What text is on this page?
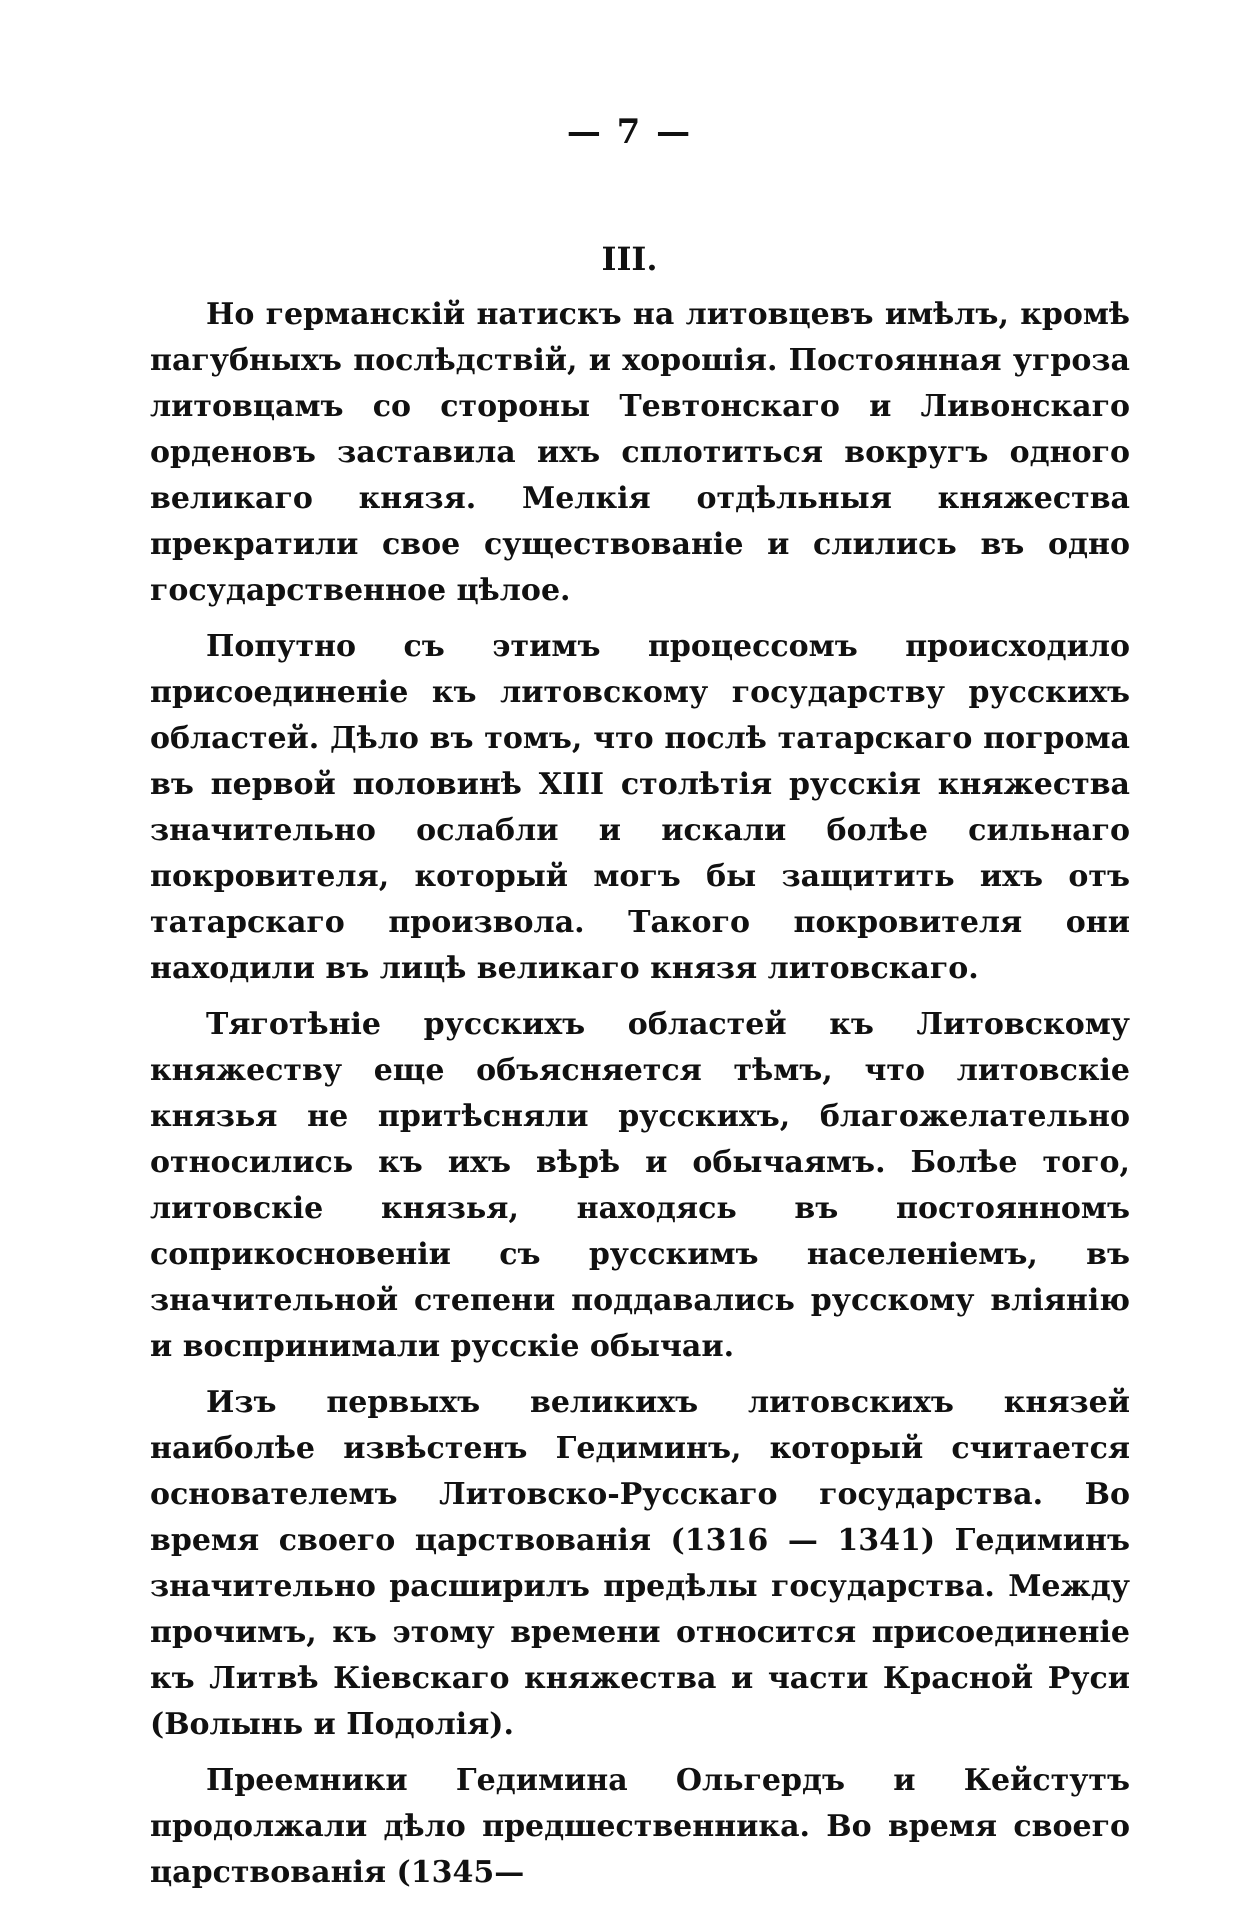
— 7 —
III.

Но германскій натискъ на литовцевъ имѣлъ, кромѣ пагубныхъ послѣдствій, и хорошія. Постоянная угроза литовцамъ со стороны Тевтонскаго и Ливонскаго орденовъ заставила ихъ сплотиться вокругъ одного великаго князя. Мелкія отдѣльныя княжества прекратили свое существованіе и слились въ одно государственное цѣлое.

Попутно съ этимъ процессомъ происходило присоединеніе къ литовскому государству русскихъ областей. Дѣло въ томъ, что послѣ татарскаго погрома въ первой половинѣ XIII столѣтія русскія княжества значительно ослабли и искали болѣе сильнаго покровителя, который могъ бы защитить ихъ отъ татарскаго произвола. Такого покровителя они находили въ лицѣ великаго князя литовскаго.

Тяготѣніе русскихъ областей къ Литовскому княжеству еще объясняется тѣмъ, что литовскіе князья не притѣсняли русскихъ, благожелательно относились къ ихъ вѣрѣ и обычаямъ. Болѣе того, литовскіе князья, находясь въ постоянномъ соприкосновеніи съ русскимъ населеніемъ, въ значительной степени поддавались русскому вліянію и воспринимали русскіе обычаи.

Изъ первыхъ великихъ литовскихъ князей наиболѣе извѣстенъ Гедиминъ, который считается основателемъ Литовско-Русскаго государства. Во время своего царствованія (1316 — 1341) Гедиминъ значительно расширилъ предѣлы государства. Между прочимъ, къ этому времени относится присоединеніе къ Литвѣ Кіевскаго княжества и части Красной Руси (Волынь и Подолія).

Преемники Гедимина Ольгердъ и Кейстутъ продолжали дѣло предшественника. Во время своего царствованія (1345—
